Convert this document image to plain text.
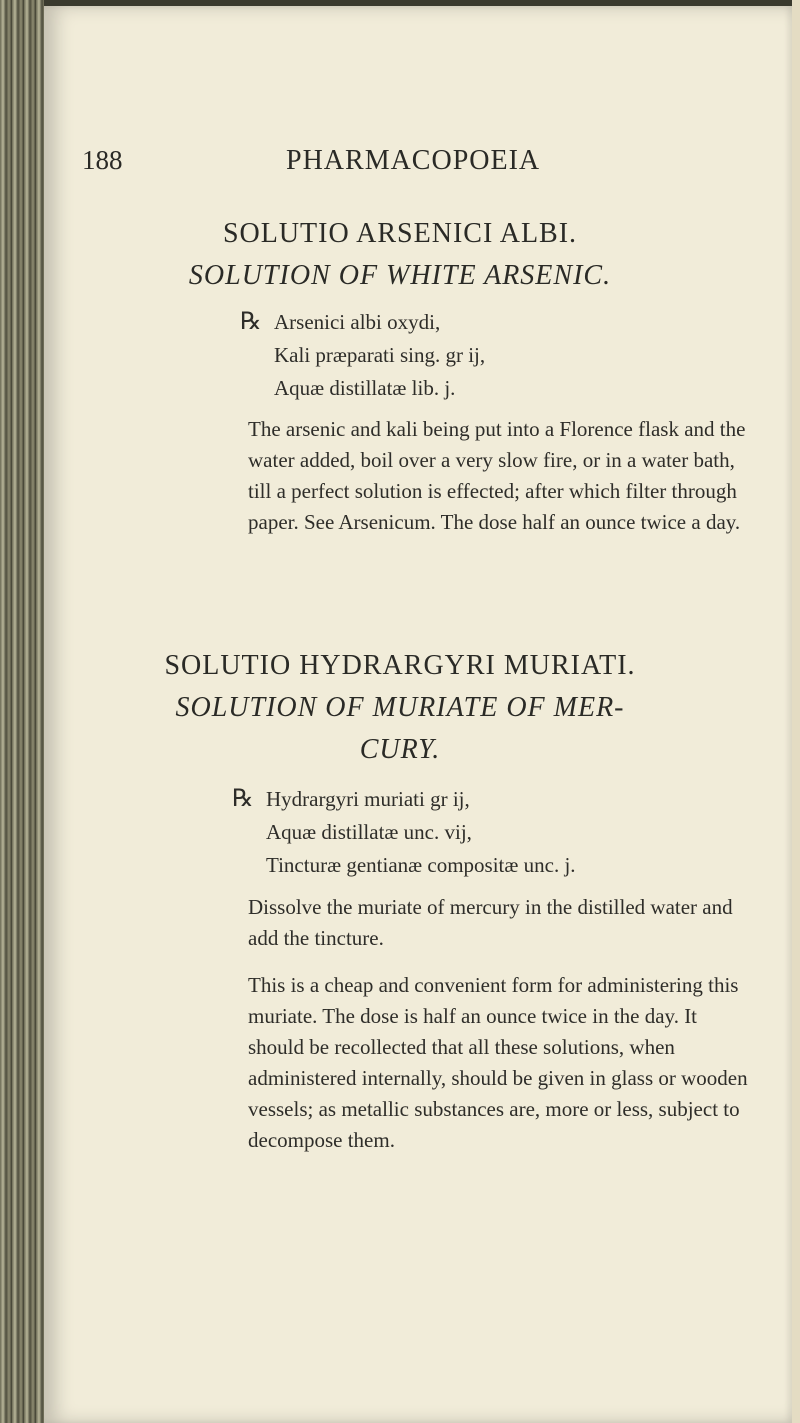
188	PHARMACOPOEIA
SOLUTIO ARSENICI ALBI.
SOLUTION OF WHITE ARSENIC.
℞ Arsenici albi oxydi,
Kali præparati sing. gr ij,
Aquæ distillatæ lib. j.
The arsenic and kali being put into a Florence flask and the water added, boil over a very slow fire, or in a water bath, till a perfect solution is effected; after which filter through paper. See Arsenicum. The dose half an ounce twice a day.
SOLUTIO HYDRARGYRI MURIATI.
SOLUTION OF MURIATE OF MER-
CURY.
℞ Hydrargyri muriati gr ij,
Aquæ distillatæ unc. vij,
Tincturæ gentianæ compositæ unc. j.
Dissolve the muriate of mercury in the distilled water and add the tincture.
This is a cheap and convenient form for administering this muriate. The dose is half an ounce twice in the day. It should be recollected that all these solutions, when administered internally, should be given in glass or wooden vessels; as metallic substances are, more or less, subject to decompose them.
